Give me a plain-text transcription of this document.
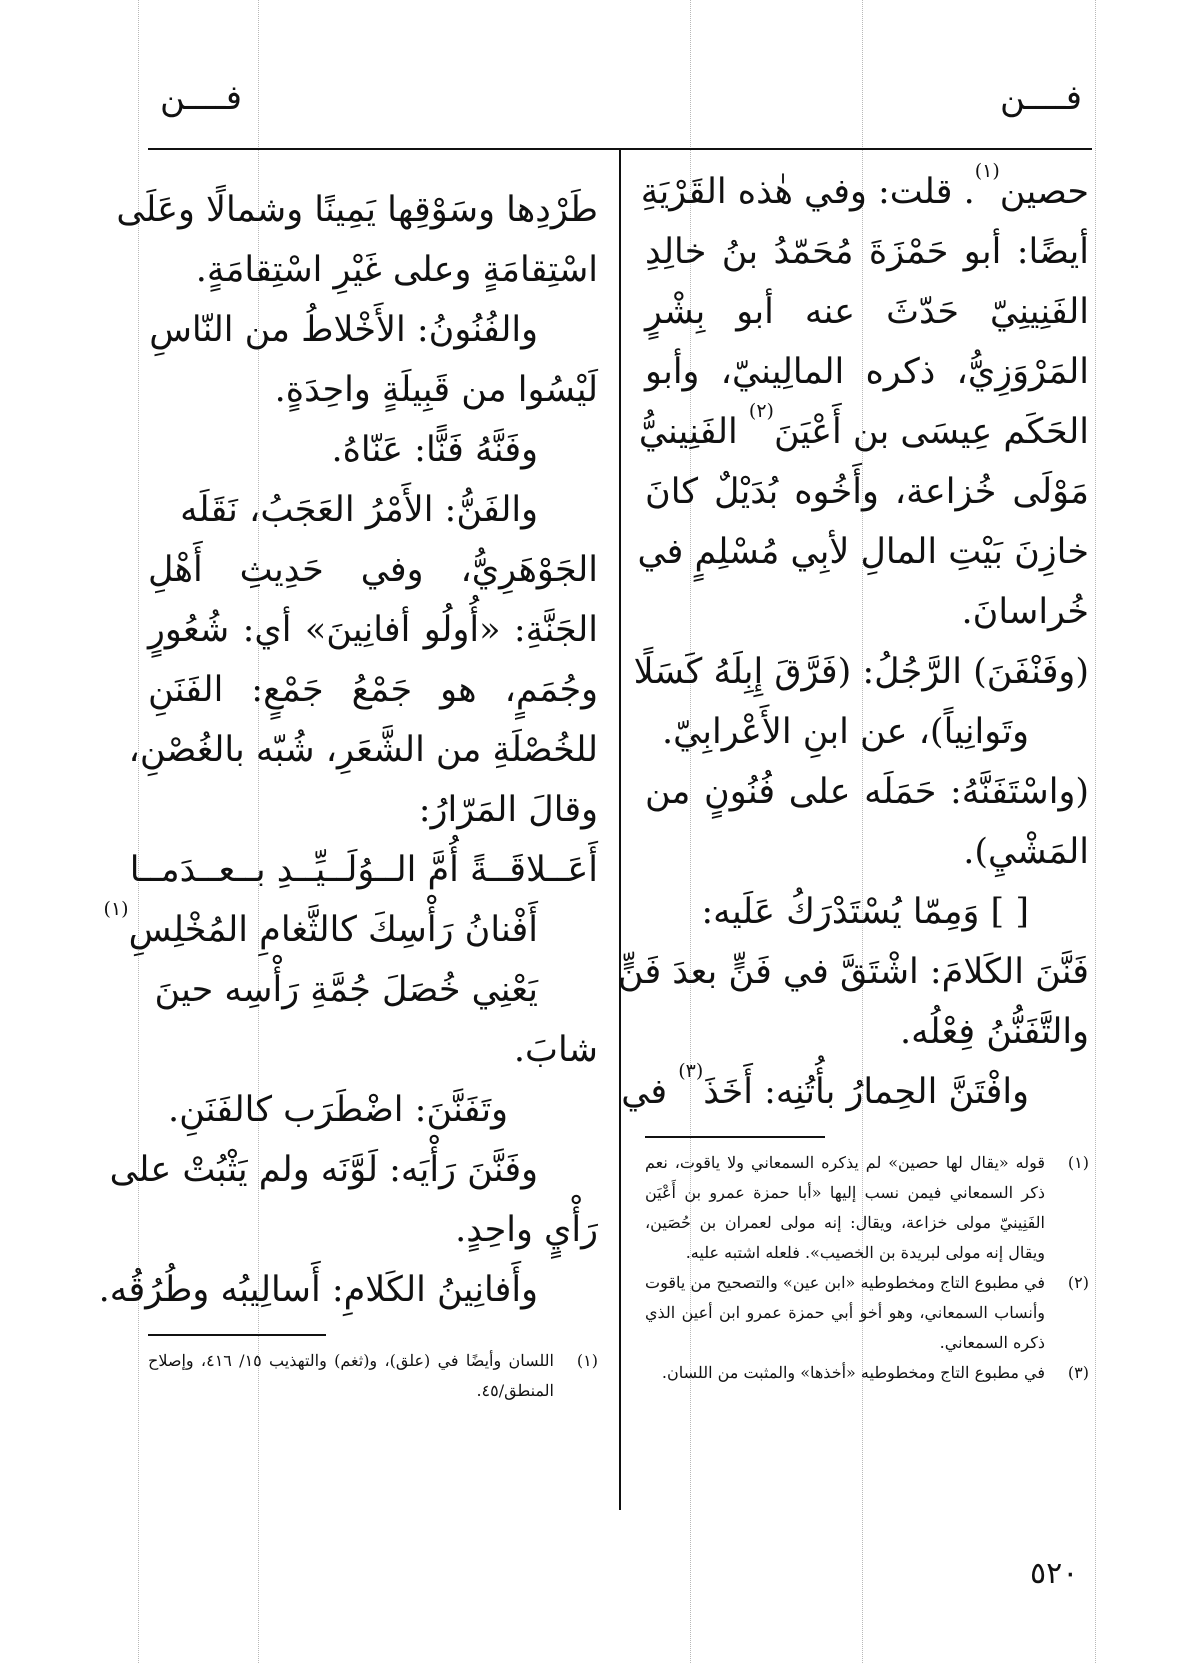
فــــن
فــــن
حصين$^{(١)}$. قلت: وفي هٰذه القَرْيَةِ
أيضًا: أبو حَمْزَةَ مُحَمّدُ بنُ خالِدِ
الفَنِينِيّ حَدّثَ عنه أبو بِشْرٍ
المَرْوَزِيُّ، ذكره المالِينيّ، وأبو
الحَكَم عِيسَى بن أَعْيَنَ$^{(٢)}$ الفَنِينيُّ
مَوْلَى خُزاعة، وأَخُوه بُدَيْلٌ كانَ
خازِنَ بَيْتِ المالِ لأبِي مُسْلِمٍ في
خُراسانَ.
(وفَنْفَنَ) الرَّجُلُ: (فَرَّقَ إِبِلَهُ كَسَلًا
وتَوانِياً)، عن ابنِ الأَعْرابِيّ.
(واسْتَفَنَّهُ: حَمَلَه على فُنُونٍ من
المَشْيِ).
[ ] وَمِمّا يُسْتَدْرَكُ عَلَيه:
فَنَّنَ الكَلامَ: اشْتَقَّ في فَنٍّ بعدَ فَنٍّ
والتَّفَنُّنُ فِعْلُه.
وافْتَنَّ الحِمارُ بأُتُنِه: أَخَذَ$^{(٣)}$ في
(١)
قوله «يقال لها حصين» لم يذكره السمعاني ولا ياقوت، نعم ذكر السمعاني فيمن نسب إليها «أبا حمزة عمرو بن أَعْيَن الفَنِينيّ مولى خزاعة، ويقال: إنه مولى لعمران بن حُصَين، ويقال إنه مولى لبريدة بن الخصيب». فلعله اشتبه عليه.
(٢)
في مطبوع التاج ومخطوطيه «ابن عين» والتصحيح من ياقوت وأنساب السمعاني، وهو أخو أبي حمزة عمرو ابن أعين الذي ذكره السمعاني.
(٣)
في مطبوع التاج ومخطوطيه «أخذها» والمثبت من اللسان.
طَرْدِها وسَوْقِها يَمِينًا وشمالًا وعَلَى
اسْتِقامَةٍ وعلى غَيْرِ اسْتِقامَةٍ.
والفُنُونُ: الأَخْلاطُ من النّاسِ
لَيْسُوا من قَبِيلَةٍ واحِدَةٍ.
وفَنَّهُ فَنًّا: عَنّاهُ.
والفَنُّ: الأَمْرُ العَجَبُ، نَقَلَه
الجَوْهَرِيُّ، وفي حَدِيثِ أَهْلِ
الجَنَّةِ: «أُولُو أفانِينَ» أي: شُعُورٍ
وجُمَمٍ، هو جَمْعُ جَمْعٍ: الفَنَنِ
للخُصْلَةِ من الشَّعَرِ، شُبّه بالغُصْنِ،
وقالَ المَرّارُ:
أَعَــلاقَــةً أُمَّ الــوُلَــيِّــدِ بــعــدَمــا
أَفْنانُ رَأْسِكَ كالثَّغامِ المُخْلِسِ$^{(١)}$
يَعْنِي خُصَلَ جُمَّةِ رَأْسِه حينَ
شابَ.
وتَفَنَّنَ: اضْطَرَب كالفَنَنِ.
وفَنَّنَ رَأْيَه: لَوَّنَه ولم يَثْبُتْ على
رَأْيٍ واحِدٍ.
وأَفانِينُ الكَلامِ: أَسالِيبُه وطُرُقُه.
(١)
اللسان وأيضًا في (علق)، و(ثغم) والتهذيب ١٥/ ٤١٦، وإصلاح المنطق/٤٥.
٥٢٠
